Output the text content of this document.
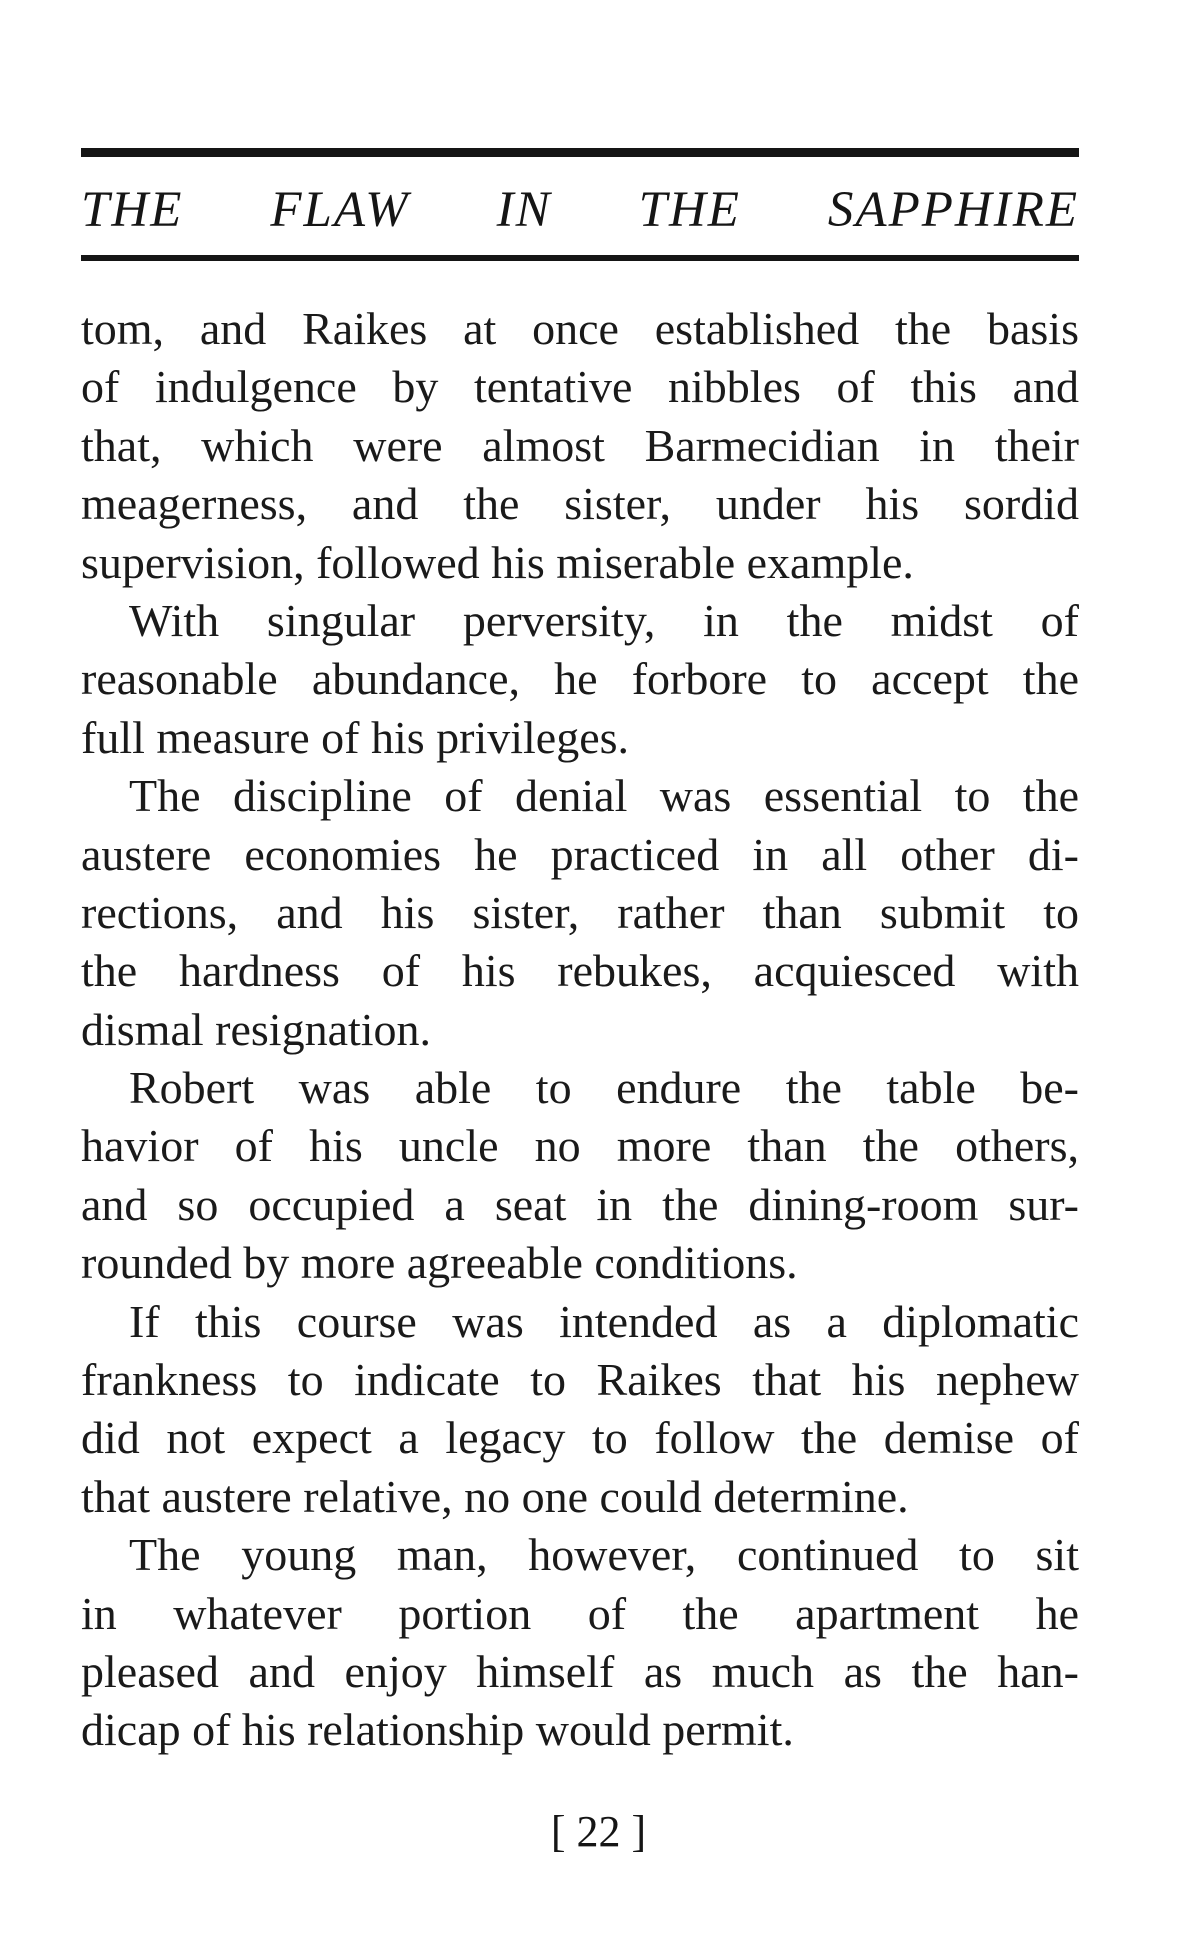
THE FLAW IN THE SAPPHIRE
tom, and Raikes at once established the basis
of indulgence by tentative nibbles of this and
that, which were almost Barmecidian in their
meagerness, and the sister, under his sordid
supervision, followed his miserable example.
With singular perversity, in the midst of
reasonable abundance, he forbore to accept the
full measure of his privileges.
The discipline of denial was essential to the
austere economies he practiced in all other di-
rections, and his sister, rather than submit to
the hardness of his rebukes, acquiesced with
dismal resignation.
Robert was able to endure the table be-
havior of his uncle no more than the others,
and so occupied a seat in the dining-room sur-
rounded by more agreeable conditions.
If this course was intended as a diplomatic
frankness to indicate to Raikes that his nephew
did not expect a legacy to follow the demise of
that austere relative, no one could determine.
The young man, however, continued to sit
in whatever portion of the apartment he
pleased and enjoy himself as much as the han-
dicap of his relationship would permit.
[ 22 ]
